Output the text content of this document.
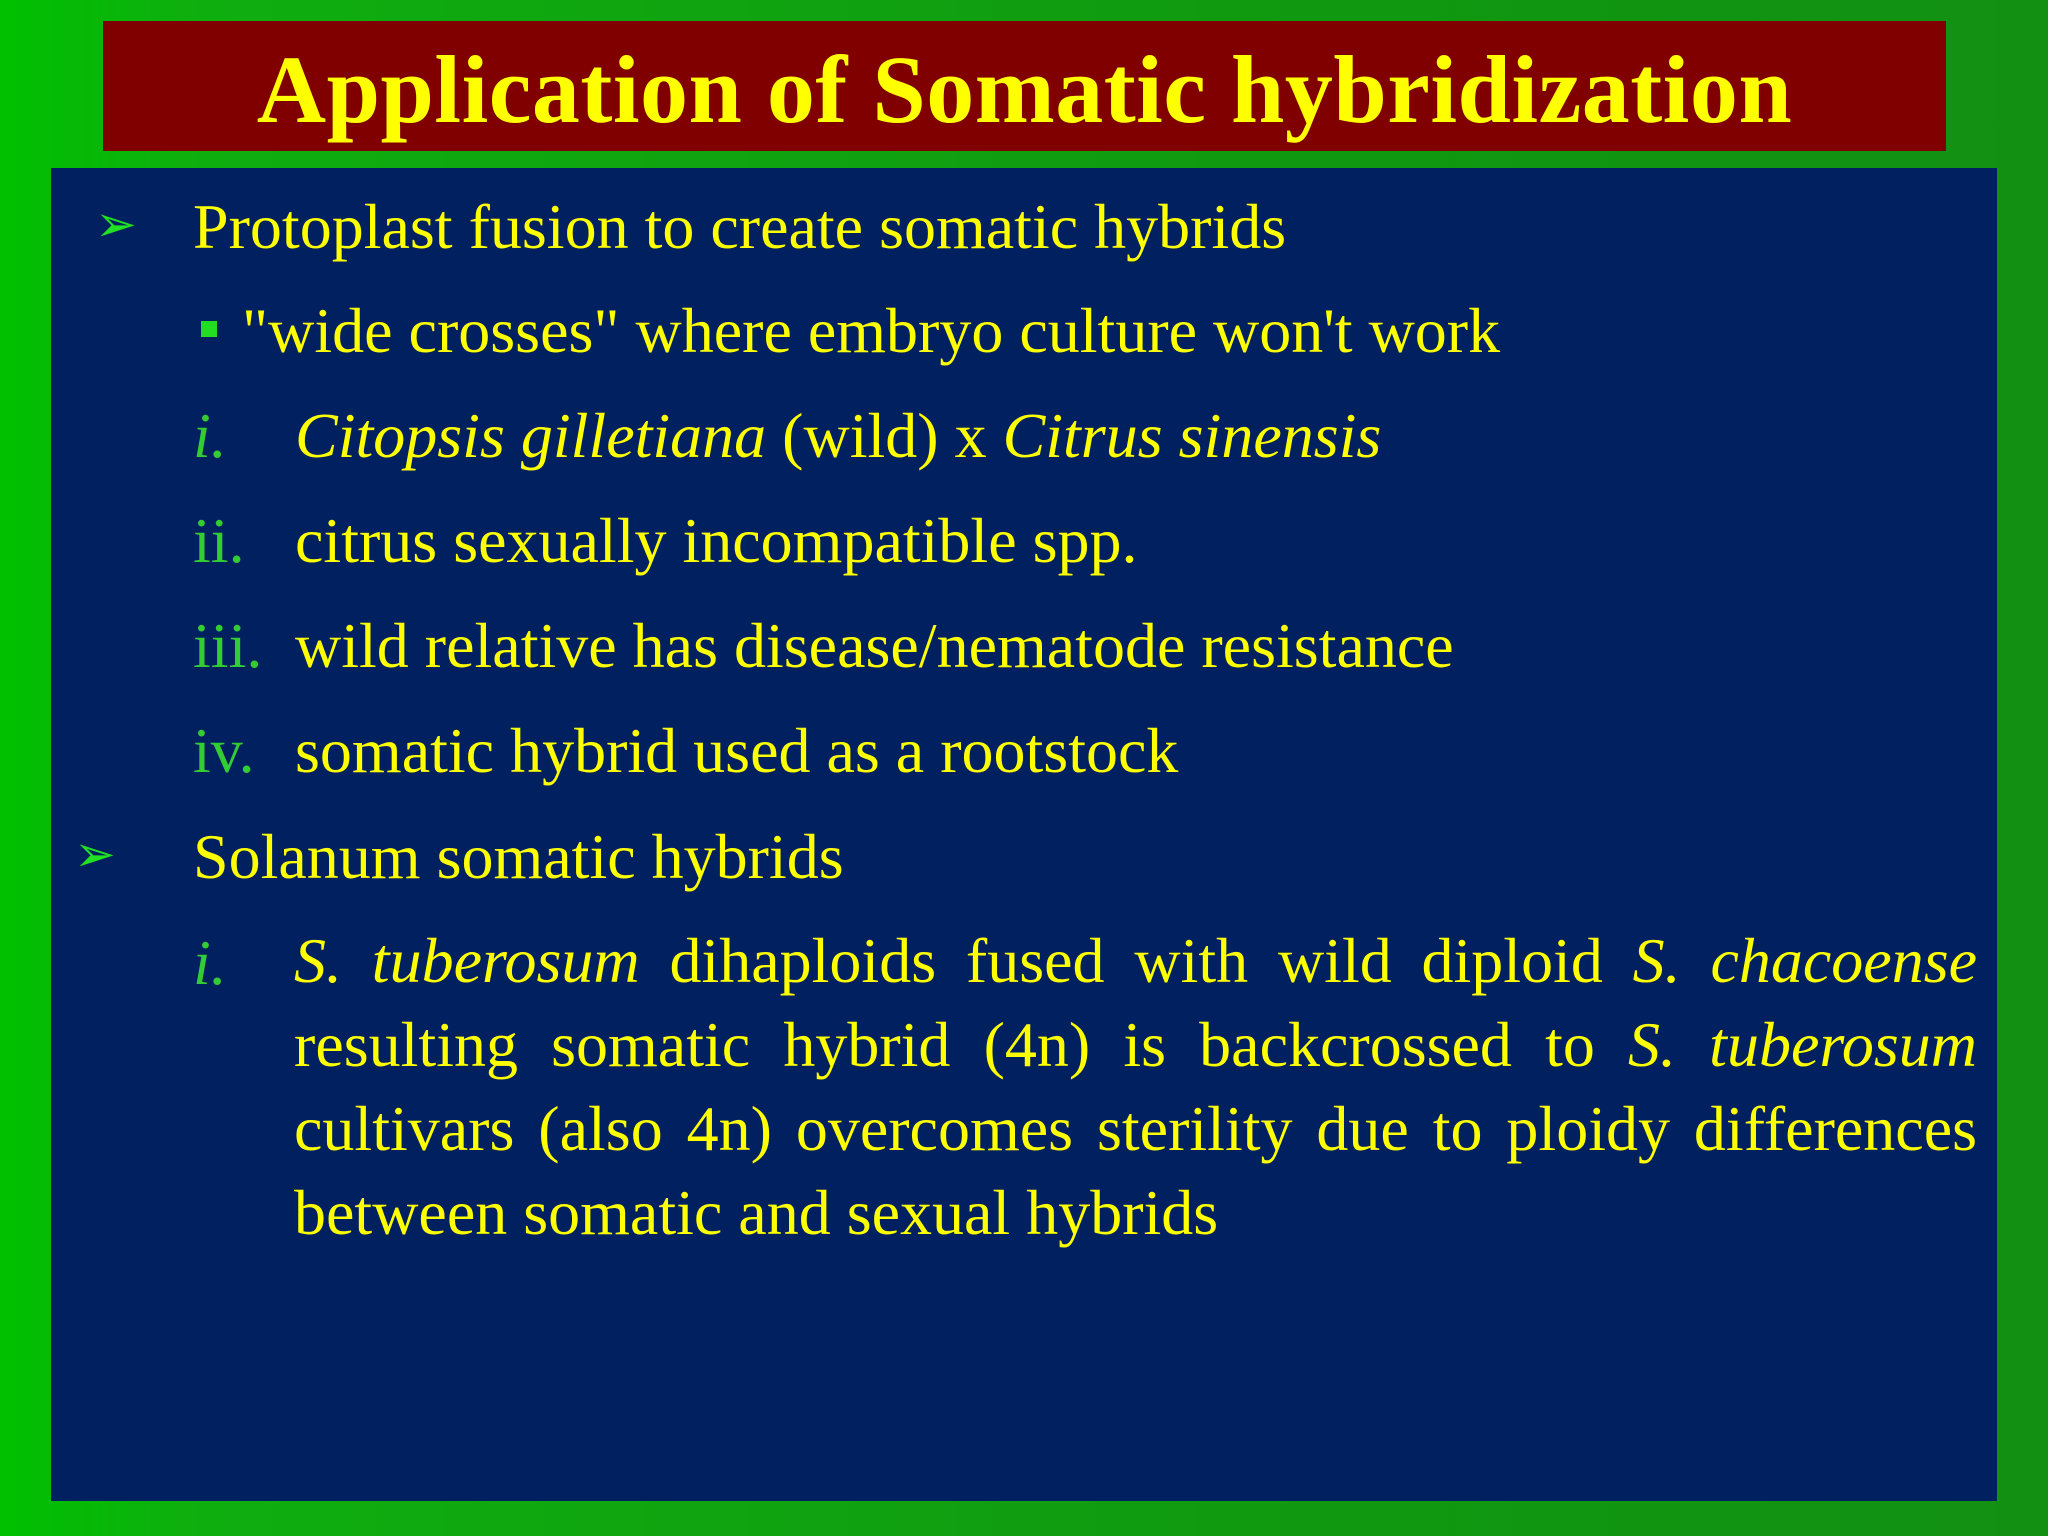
Application of Somatic hybridization
➢ Protoplast fusion to create somatic hybrids
"wide crosses" where embryo culture won't work
i. Citopsis gilletiana (wild) x Citrus sinensis
ii. citrus sexually incompatible spp.
iii. wild relative has disease/nematode resistance
iv. somatic hybrid used as a rootstock
➢ Solanum somatic hybrids
i. S. tuberosum dihaploids fused with wild diploid S. chacoense resulting somatic hybrid (4n) is backcrossed to S. tuberosum cultivars (also 4n) overcomes sterility due to ploidy differences between somatic and sexual hybrids
